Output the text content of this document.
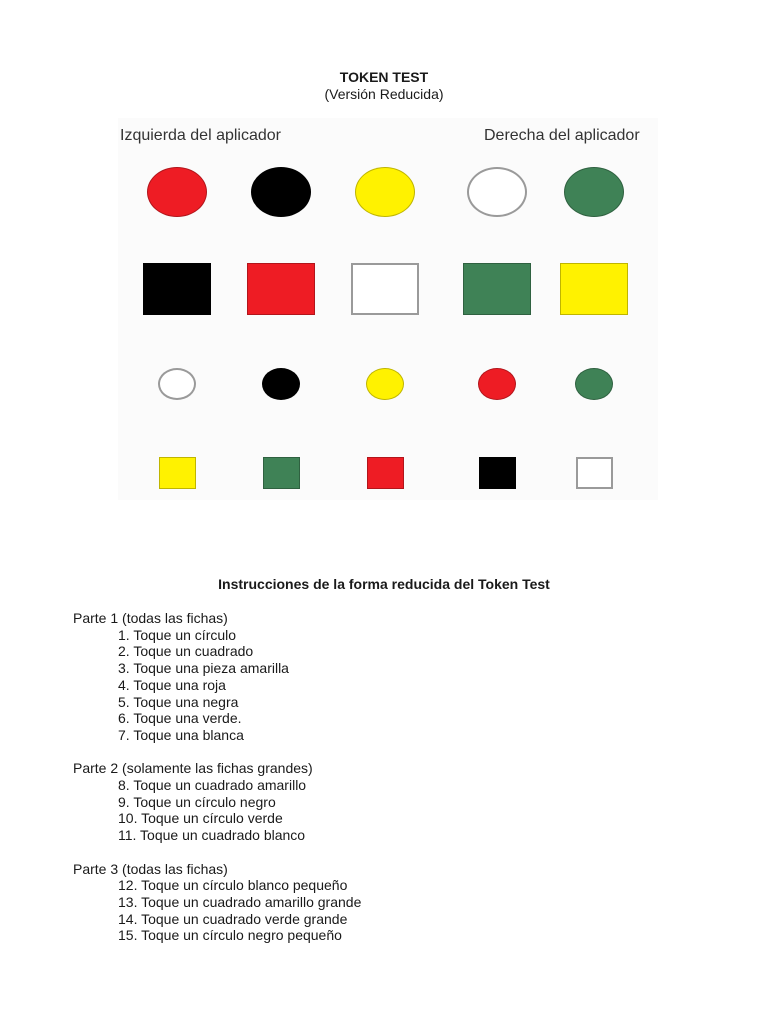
TOKEN TEST
(Versión Reducida)
Izquierda del aplicador	Derecha del aplicador
Instrucciones de la forma reducida del Token Test

Parte 1 (todas las fichas)

1. Toque un círculo

2. Toque un cuadrado

3. Toque una pieza amarilla

4. Toque una roja

5. Toque una negra

6. Toque una verde.

7. Toque una blanca

Parte 2 (solamente las fichas grandes)

8. Toque un cuadrado amarillo

9. Toque un círculo negro

10. Toque un círculo verde

11. Toque un cuadrado blanco

Parte 3 (todas las fichas)

12. Toque un círculo blanco pequeño

13. Toque un cuadrado amarillo grande

14. Toque un cuadrado verde grande

15. Toque un círculo negro pequeño
